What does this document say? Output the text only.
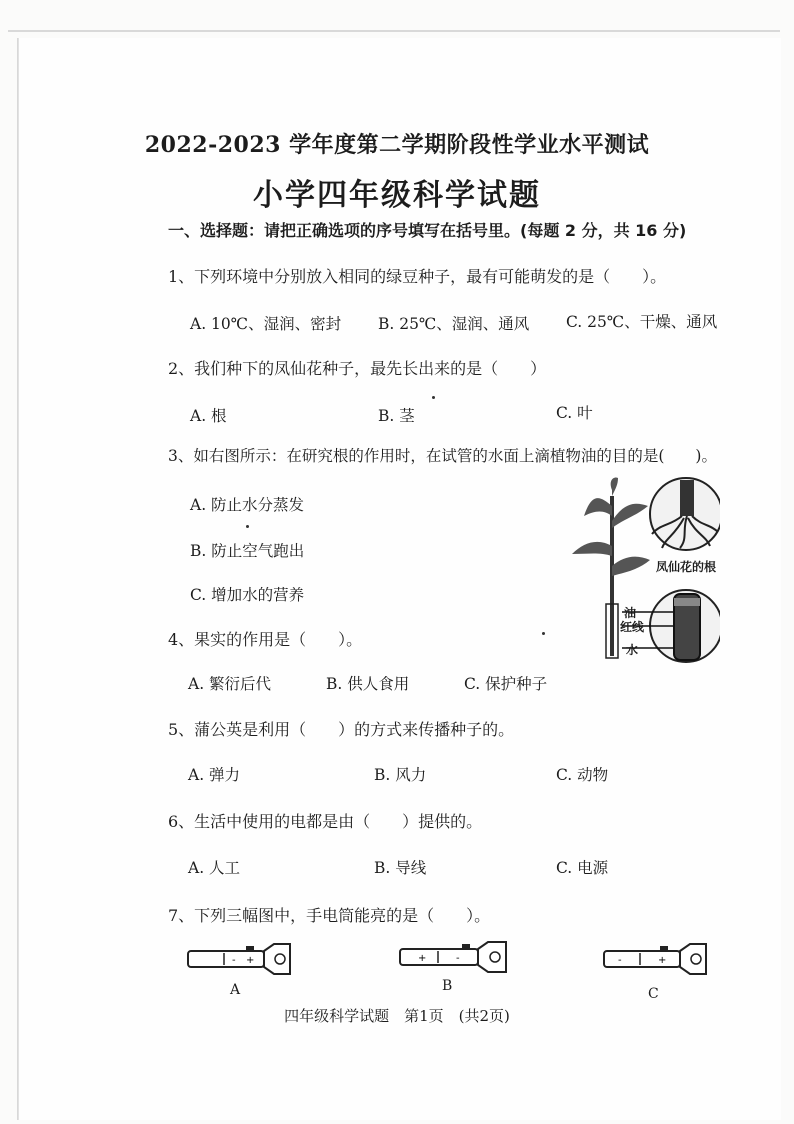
2022-2023 学年度第二学期阶段性学业水平测试
小学四年级科学试题
一、选择题：请把正确选项的序号填写在括号里。(每题 2 分，共 16 分)
1、下列环境中分别放入相同的绿豆种子，最有可能萌发的是（　　）。
A. 10℃、湿润、密封 B. 25℃、湿润、通风 C. 25℃、干燥、通风
2、我们种下的凤仙花种子，最先长出来的是（　　）
A. 根	B. 茎	C. 叶
3、如右图所示：在研究根的作用时，在试管的水面上滴植物油的目的是(　　)。
A. 防止水分蒸发
B. 防止空气跑出
C. 增加水的营养
凤仙花的根
油
红线
水
4、果实的作用是（　　）。
A. 繁衍后代	B. 供人食用	C. 保护种子
5、蒲公英是利用（　　）的方式来传播种子的。
A. 弹力	B. 风力	C. 动物
6、生活中使用的电都是由（　　）提供的。
A. 人工	B. 导线	C. 电源
7、下列三幅图中，手电筒能亮的是（　　）。
- +	+	-	-	+
A	B	C
四年级科学试题　第1页　(共2页)
